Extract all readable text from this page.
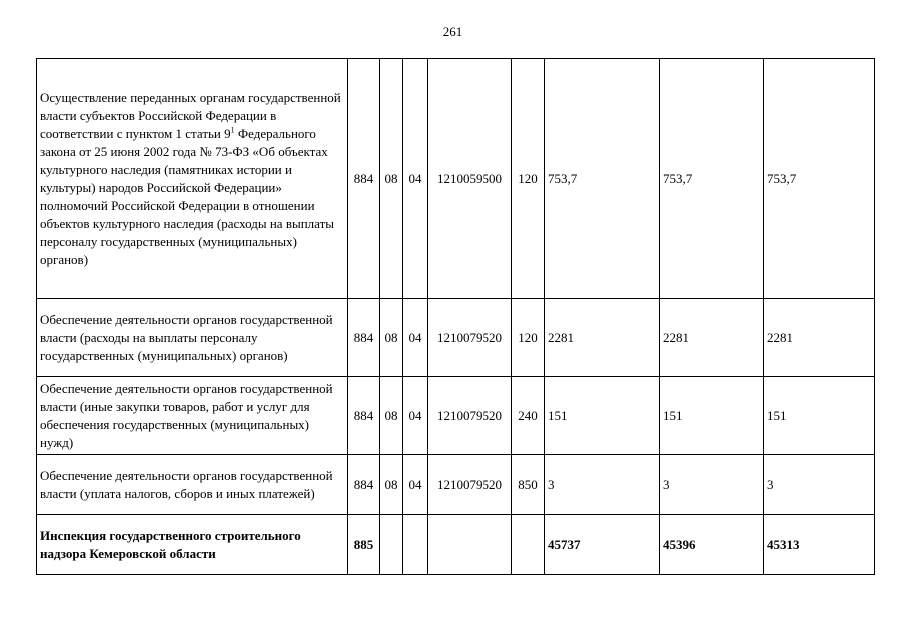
261
Осуществление переданных органам государственной власти субъектов Российской Федерации в соответствии с пунктом 1 статьи $9^1$ Федерального закона от 25 июня 2002 года № 73-ФЗ «Об объектах культурного наследия (памятниках истории и культуры) народов Российской Федерации» полномочий Российской Федерации в отношении объектов культурного наследия (расходы на выплаты персоналу государственных (муниципальных) органов)	884	08	04	1210059500	120	753,7	753,7	753,7
Обеспечение деятельности органов государственной власти (расходы на выплаты персоналу государственных (муниципальных) органов)	884	08	04	1210079520	120	2281	2281	2281
Обеспечение деятельности органов государственной власти (иные закупки товаров, работ и услуг для обеспечения государственных (муниципальных) нужд)	884	08	04	1210079520	240	151	151	151
Обеспечение деятельности органов государственной власти (уплата налогов, сборов и иных платежей)	884	08	04	1210079520	850	3	3	3
Инспекция государственного строительного надзора Кемеровской области	885					45737	45396	45313
